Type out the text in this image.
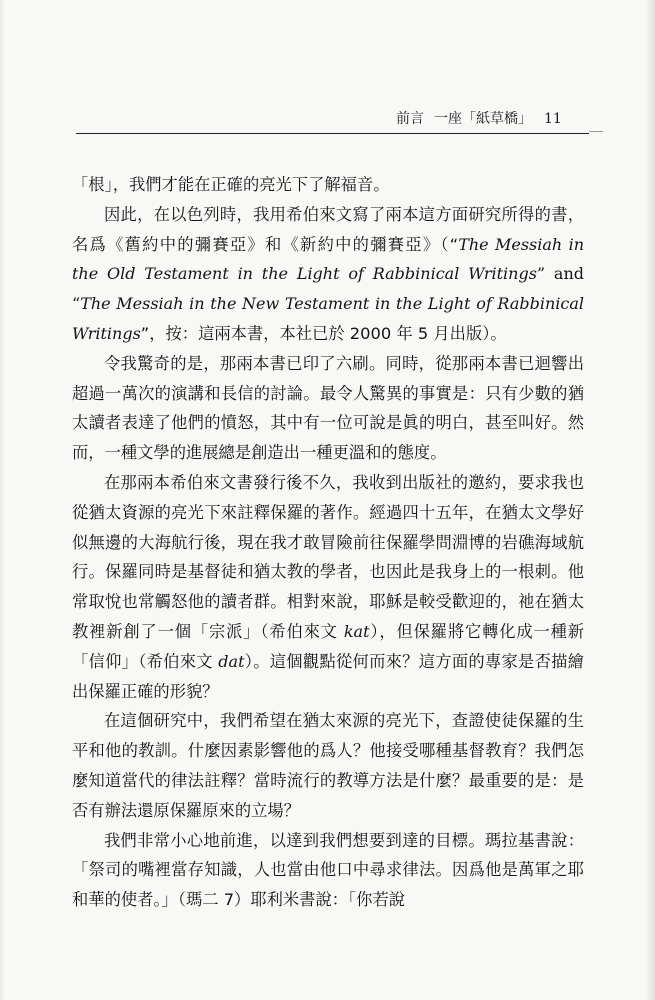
前言 一座「紙草橋」 11

「根」，我們才能在正確的亮光下了解福音。

因此，在以色列時，我用希伯來文寫了兩本這方面研究所得的書，名爲《舊約中的彌賽亞》和《新約中的彌賽亞》（“The Messiah in the Old Testament in the Light of Rabbinical Writings” and “The Messiah in the New Testament in the Light of Rabbinical Writings”，按：這兩本書，本社已於 2000 年 5 月出版）。

令我驚奇的是，那兩本書已印了六刷。同時，從那兩本書已迴響出超過一萬次的演講和長信的討論。最令人驚異的事實是：只有少數的猶太讀者表達了他們的憤怒，其中有一位可說是眞的明白，甚至叫好。然而，一種文學的進展總是創造出一種更溫和的態度。

在那兩本希伯來文書發行後不久，我收到出版社的邀約，要求我也從猶太資源的亮光下來註釋保羅的著作。經過四十五年，在猶太文學好似無邊的大海航行後，現在我才敢冒險前往保羅學問淵博的岩礁海域航行。保羅同時是基督徒和猶太教的學者，也因此是我身上的一根刺。他常取悅也常觸怒他的讀者群。相對來說，耶穌是較受歡迎的，祂在猶太教裡新創了一個「宗派」（希伯來文 kat），但保羅將它轉化成一種新「信仰」（希伯來文 dat）。這個觀點從何而來？這方面的專家是否描繪出保羅正確的形貌？

在這個研究中，我們希望在猶太來源的亮光下，查證使徒保羅的生平和他的教訓。什麼因素影響他的爲人？他接受哪種基督教育？我們怎麼知道當代的律法註釋？當時流行的教導方法是什麼？最重要的是：是否有辦法還原保羅原來的立場？

我們非常小心地前進，以達到我們想要到達的目標。瑪拉基書說：「祭司的嘴裡當存知識，人也當由他口中尋求律法。因爲他是萬軍之耶和華的使者。」（瑪二 7）耶利米書說：「你若說
